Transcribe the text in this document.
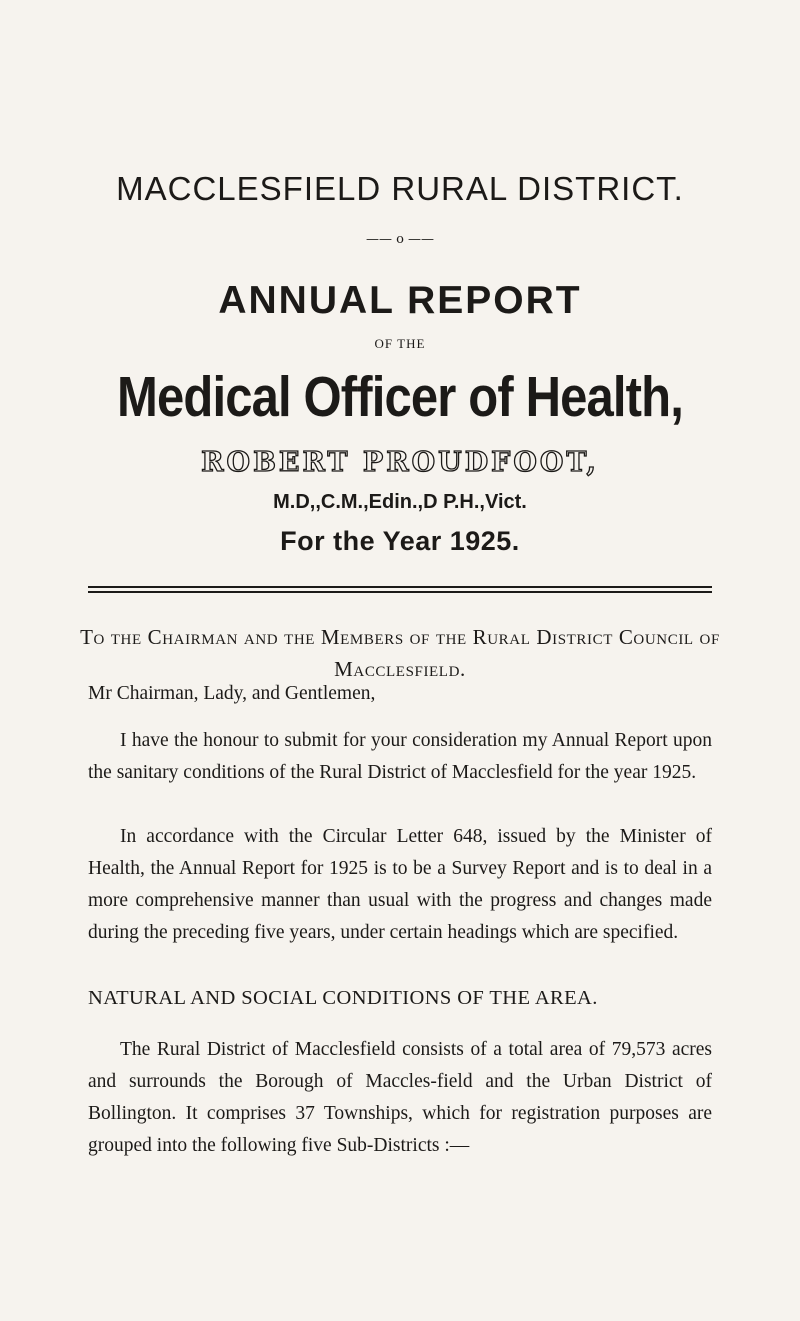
MACCLESFIELD RURAL DISTRICT.
—— o ——
ANNUAL REPORT
OF THE
Medical Officer of Health,
ROBERT PROUDFOOT,
M.D,,C.M.,Edin.,D P.H.,Vict.
For the Year 1925.
To the Chairman and the Members of the Rural District Council of Macclesfield.

Mr Chairman, Lady, and Gentlemen,

I have the honour to submit for your consideration my Annual Report upon the sanitary conditions of the Rural District of Macclesfield for the year 1925.

In accordance with the Circular Letter 648, issued by the Minister of Health, the Annual Report for 1925 is to be a Survey Report and is to deal in a more comprehensive manner than usual with the progress and changes made during the preceding five years, under certain headings which are specified.

NATURAL AND SOCIAL CONDITIONS OF THE AREA.

The Rural District of Macclesfield consists of a total area of 79,573 acres and surrounds the Borough of Maccles-field and the Urban District of Bollington. It comprises 37 Townships, which for registration purposes are grouped into the following five Sub-Districts :—
